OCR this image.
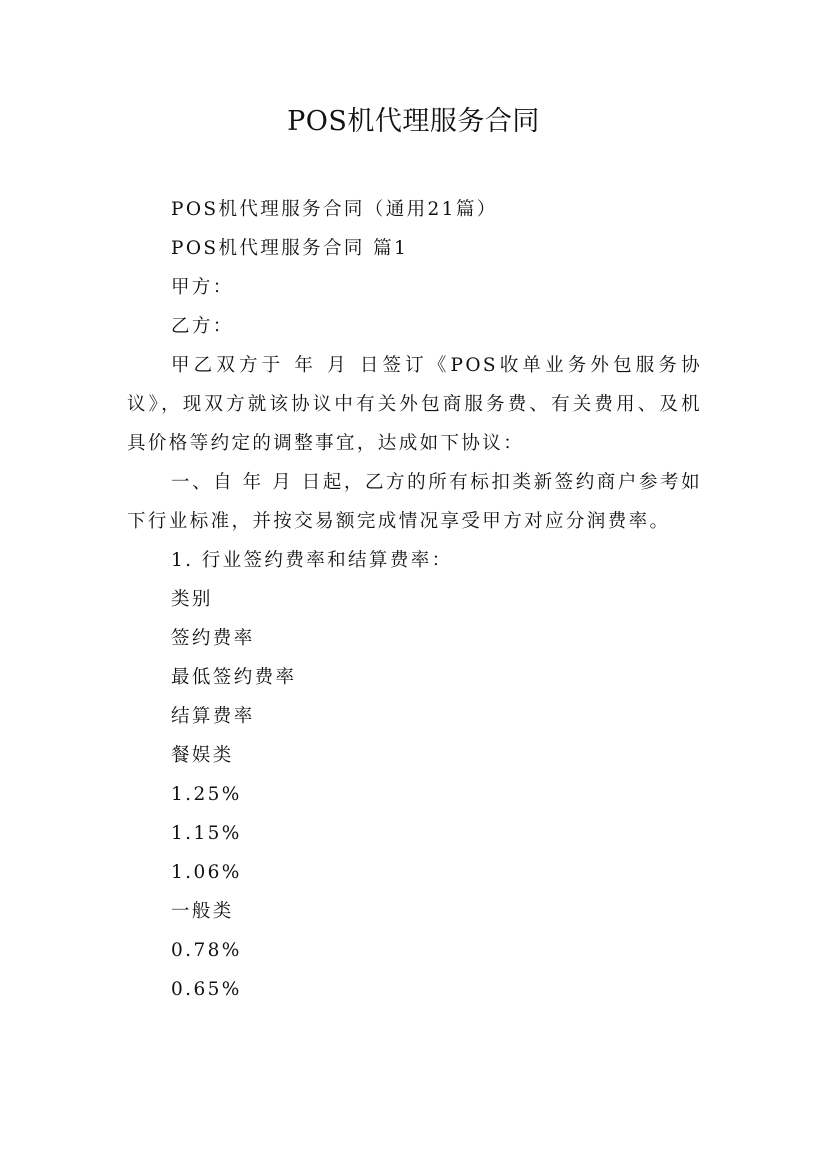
POS机代理服务合同

POS机代理服务合同（通用21篇）

POS机代理服务合同 篇1

甲方：

乙方：

甲乙双方于 年 月 日签订《POS收单业务外包服务协议》，现双方就该协议中有关外包商服务费、有关费用、及机具价格等约定的调整事宜，达成如下协议：

一、自 年 月 日起，乙方的所有标扣类新签约商户参考如下行业标准，并按交易额完成情况享受甲方对应分润费率。

1. 行业签约费率和结算费率：

类别

签约费率

最低签约费率

结算费率

餐娱类

1.25%

1.15%

1.06%

一般类

0.78%

0.65%
